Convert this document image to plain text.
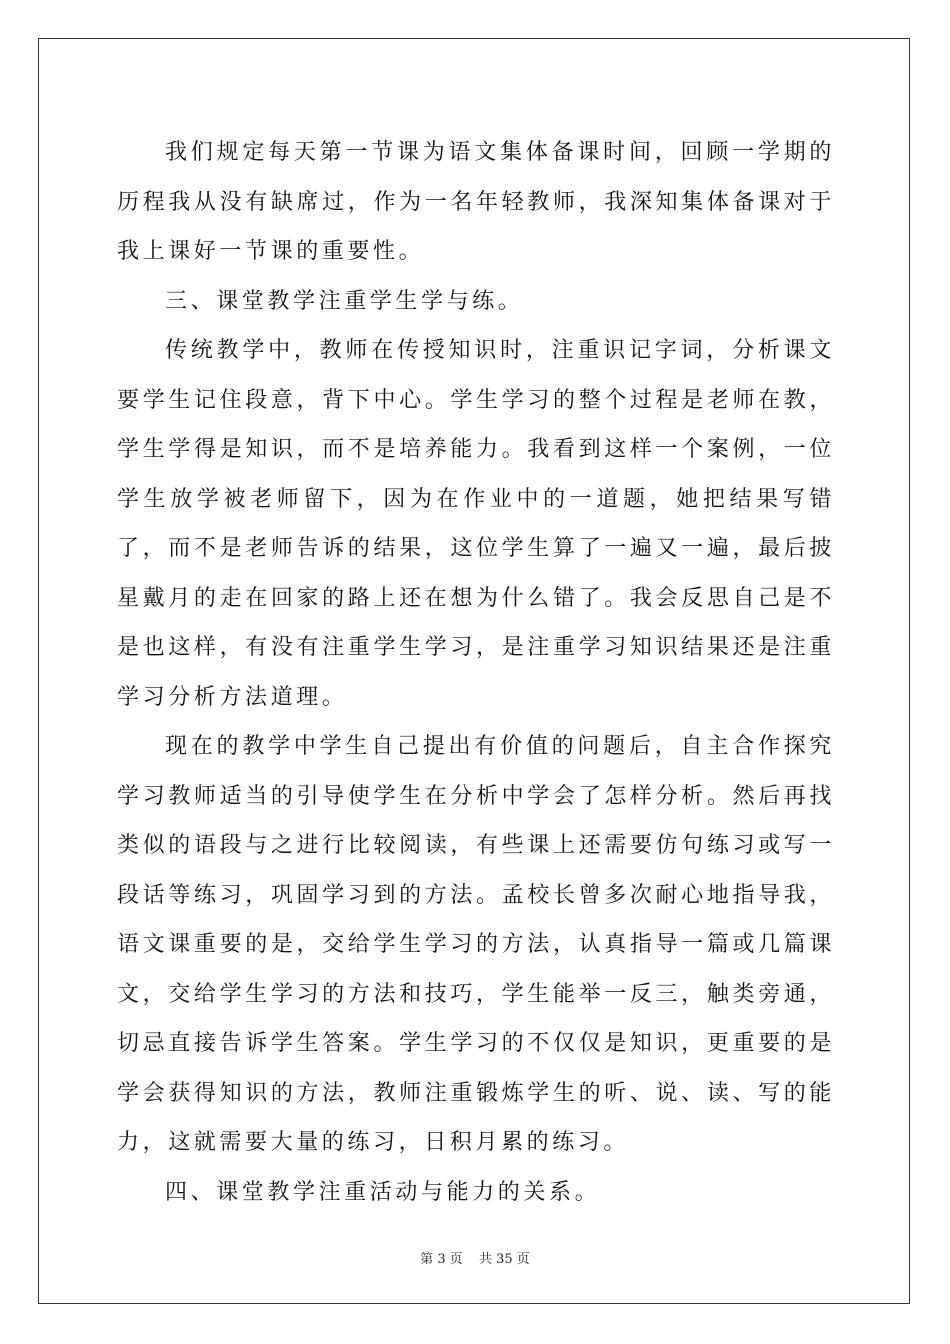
我们规定每天第一节课为语文集体备课时间，回顾一学期的历程我从没有缺席过，作为一名年轻教师，我深知集体备课对于我上课好一节课的重要性。

三、课堂教学注重学生学与练。

传统教学中，教师在传授知识时，注重识记字词，分析课文要学生记住段意，背下中心。学生学习的整个过程是老师在教，学生学得是知识，而不是培养能力。我看到这样一个案例，一位学生放学被老师留下，因为在作业中的一道题，她把结果写错了，而不是老师告诉的结果，这位学生算了一遍又一遍，最后披星戴月的走在回家的路上还在想为什么错了。我会反思自己是不是也这样，有没有注重学生学习，是注重学习知识结果还是注重学习分析方法道理。

现在的教学中学生自己提出有价值的问题后，自主合作探究学习教师适当的引导使学生在分析中学会了怎样分析。然后再找类似的语段与之进行比较阅读，有些课上还需要仿句练习或写一段话等练习，巩固学习到的方法。孟校长曾多次耐心地指导我，语文课重要的是，交给学生学习的方法，认真指导一篇或几篇课文，交给学生学习的方法和技巧，学生能举一反三，触类旁通，切忌直接告诉学生答案。学生学习的不仅仅是知识，更重要的是学会获得知识的方法，教师注重锻炼学生的听、说、读、写的能力，这就需要大量的练习，日积月累的练习。

四、课堂教学注重活动与能力的关系。

第 3 页 共 35 页
